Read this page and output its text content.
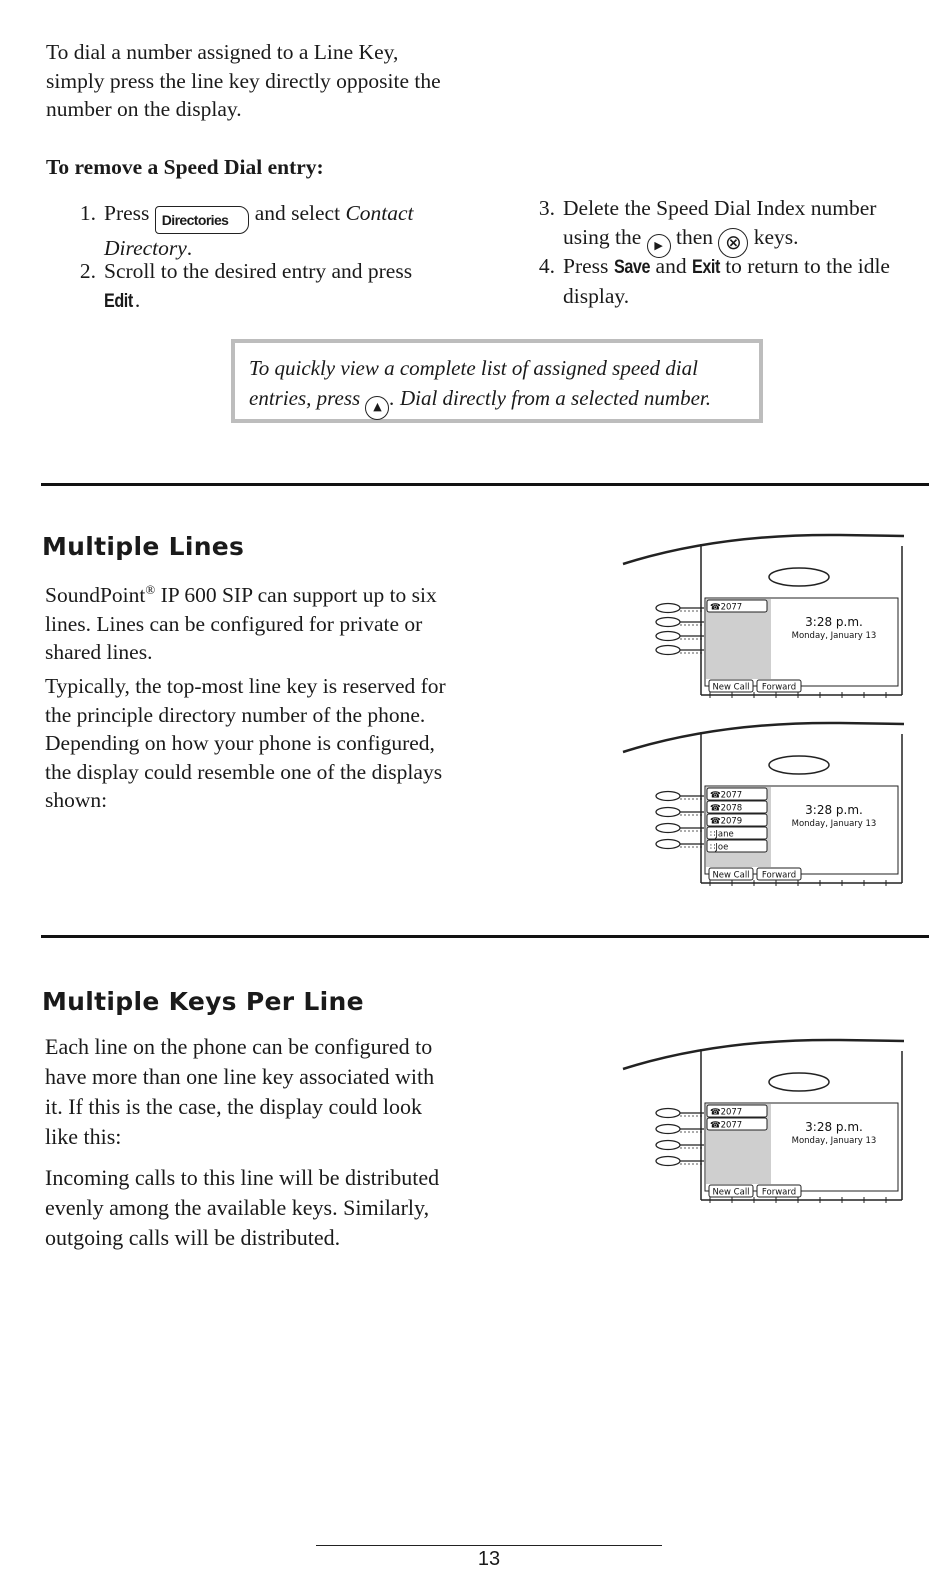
To dial a number assigned to a Line Key,

simply press the line key directly opposite the

number on the display.

To remove a Speed Dial entry:
1. Press Directories and select Contact
Directory.
2. Scroll to the desired entry and press
Edit.
3. Delete the Speed Dial Index number
using the ▶ then ⊗ keys.
4. Press Save and Exit to return to the idle
display.
To quickly view a complete list of assigned speed dial
entries, press ▲ . Dial directly from a selected number.
Multiple Lines

SoundPoint® IP 600 SIP can support up to six

lines. Lines can be configured for private or

shared lines.

Typically, the top-most line key is reserved for

the principle directory number of the phone.

Depending on how your phone is configured,

the display could resemble one of the displays

shown:

☎2077
3:28 p.m.
Monday, January 13
New Call Forward
☎2077
☎2078
☎2079
∷Jane
∷Joe
3:28 p.m.
Monday, January 13
New Call Forward
☎2077
☎2077	3:28 p.m.
Monday, January 13
New Call Forward
Multiple Keys Per Line

Each line on the phone can be configured to

have more than one line key associated with

it. If this is the case, the display could look

like this:

Incoming calls to this line will be distributed

evenly among the available keys. Similarly,

outgoing calls will be distributed.

13
